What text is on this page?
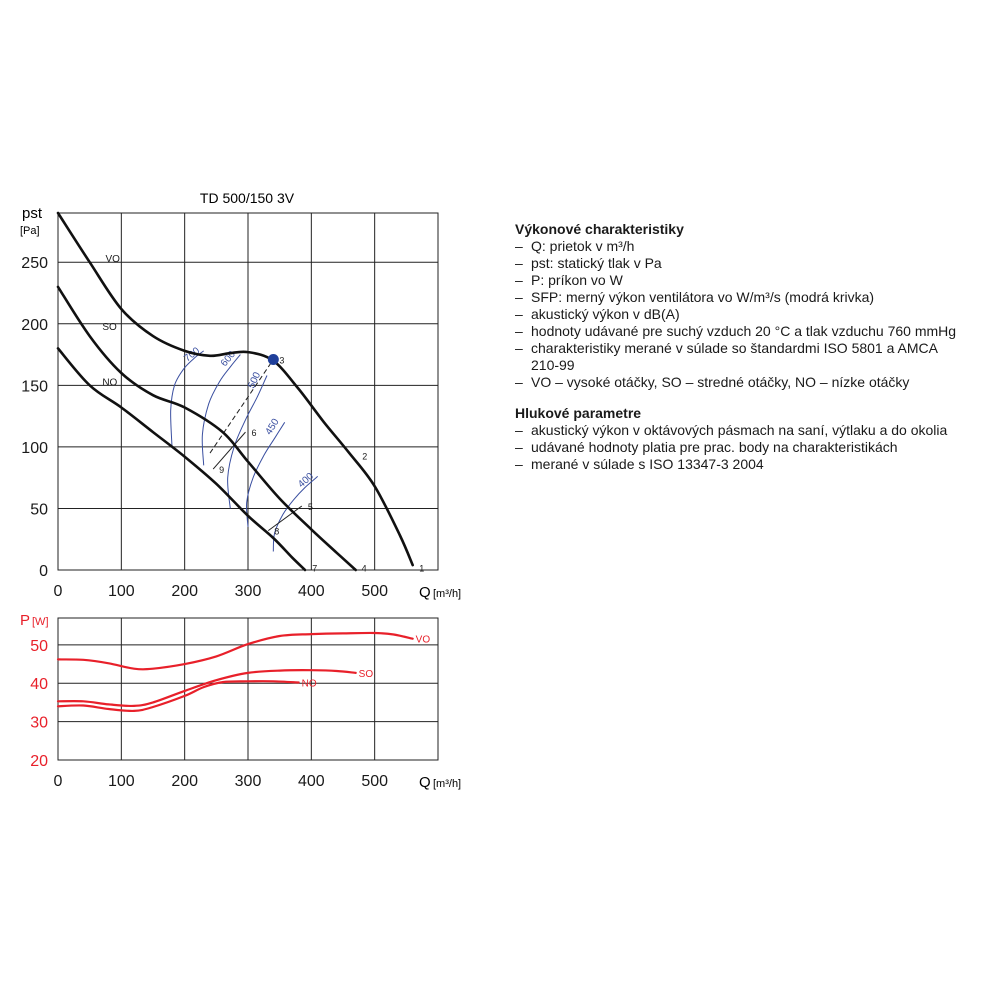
TD 500/150 3V
700 600
500
450
400
1
2
3
4
5
6
7
8
9
0	100 200 300 400 500
0
50
100
150
200
250	VO
SO
NO
pst
[Pa]
Q [m³/h]
0	100 200 300 400 500
20
30
40
50	VO
SO
NO
P [W]
Q [m³/h]
Výkonové charakteristiky
– Q: prietok v m³/h
– pst: statický tlak v Pa
– P: príkon vo W
– SFP: merný výkon ventilátora vo W/m³/s (modrá krivka)
– akustický výkon v dB(A)
– hodnoty udávané pre suchý vzduch 20 °C a tlak vzduchu 760 mmHg
– charakteristiky merané v súlade so štandardmi ISO 5801 a AMCA
210-99
– VO – vysoké otáčky, SO – stredné otáčky, NO – nízke otáčky
Hlukové parametre
– akustický výkon v oktávových pásmach na saní, výtlaku a do okolia
– udávané hodnoty platia pre prac. body na charakteristikách
– merané v súlade s ISO 13347-3 2004
